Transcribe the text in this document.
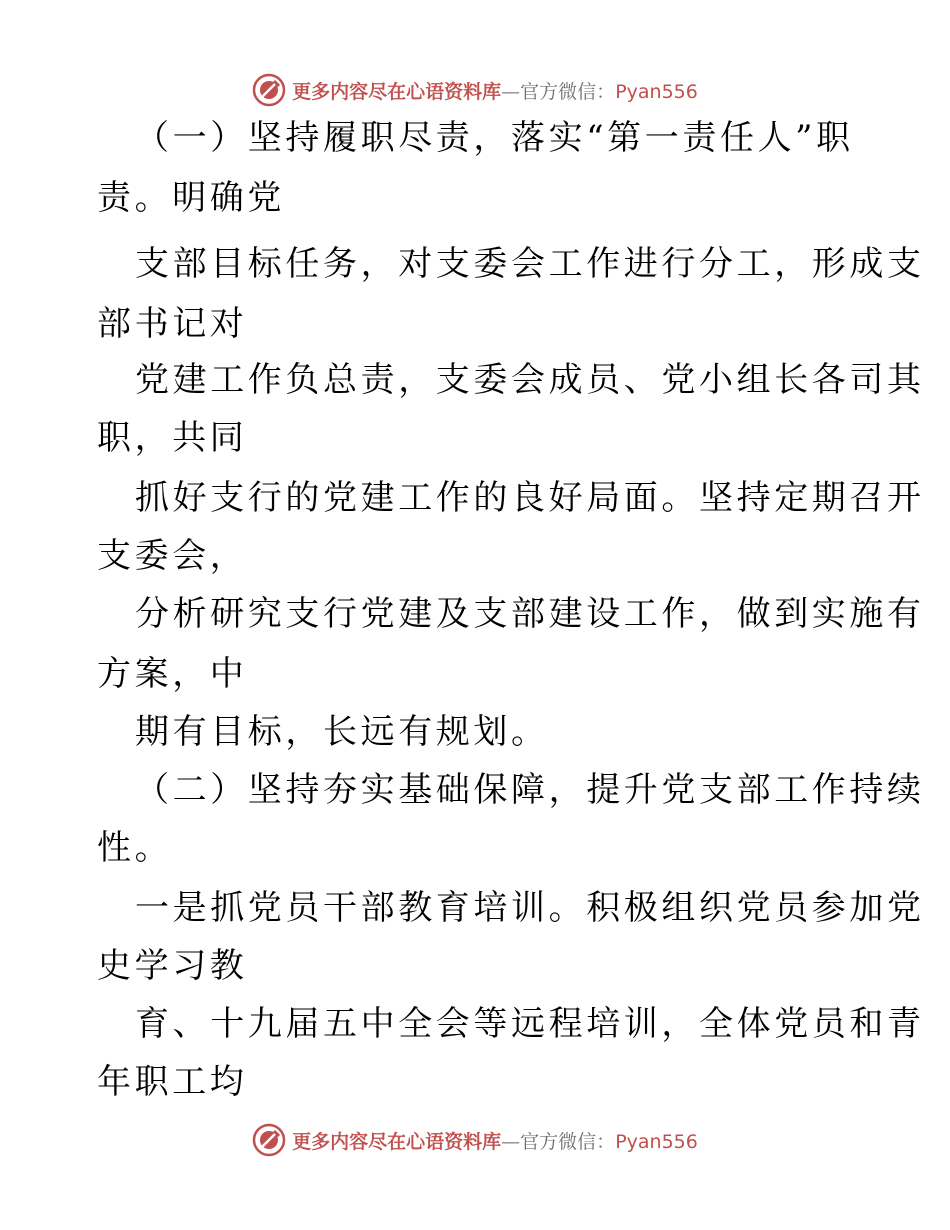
更多内容尽在心语资料库—官方微信：Pyan556
（一）坚持履职尽责，落实“第一责任人”职
责。明确党
支部目标任务，对支委会工作进行分工，形成支
部书记对
党建工作负总责，支委会成员、党小组长各司其
职，共同
抓好支行的党建工作的良好局面。坚持定期召开
支委会，
分析研究支行党建及支部建设工作，做到实施有
方案，中
期有目标，长远有规划。
（二）坚持夯实基础保障，提升党支部工作持续
性。
一是抓党员干部教育培训。积极组织党员参加党
史学习教
育、十九届五中全会等远程培训，全体党员和青
年职工均
更多内容尽在心语资料库—官方微信：Pyan556
